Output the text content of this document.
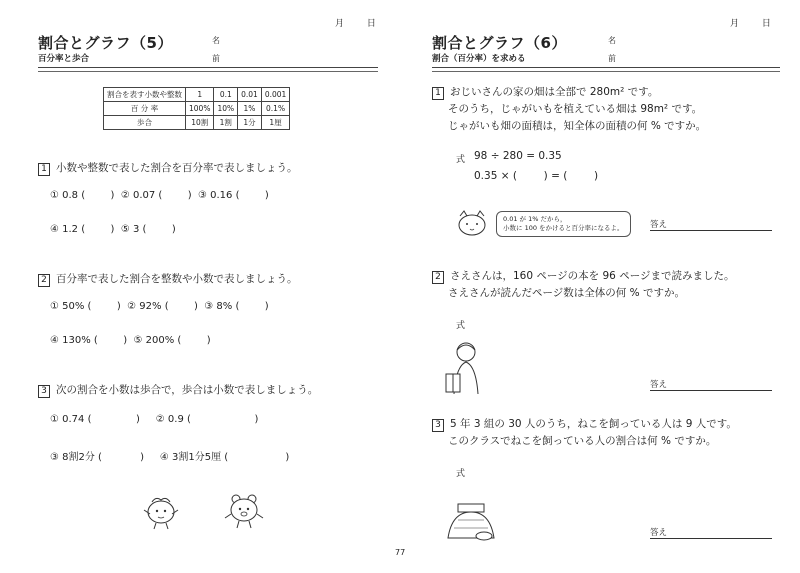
月 日
割合とグラフ（5）
百分率と歩合
名
前
割合を表す小数や整数	1	0.1	0.01	0.001
百 分 率	100%	10%	1%	0.1%
歩合	10割	1割	1分	1厘
1 小数や整数で表した割合を百分率で表しましょう。
① 0.8 (        )  ② 0.07 (        )  ③ 0.16 (        )
④ 1.2 (        )  ⑤ 3 (        )
2 百分率で表した割合を整数や小数で表しましょう。
① 50% (        )  ② 92% (        )  ③ 8% (        )
④ 130% (        )  ⑤ 200% (        )
3 次の割合を小数は歩合で，歩合は小数で表しましょう。
① 0.74 (              )     ② 0.9 (                    )
③ 8割2分 (            )     ④ 3割1分5厘 (                  )
77
月 日
割合とグラフ（6）
割合（百分率）を求める
名
前
1 おじいさんの家の畑は全部で 280m² です。
そのうち，じゃがいもを植えている畑は 98m² です。
じゃがいも畑の面積は，知全体の面積の何 % ですか。
式 98 ÷ 280 = 0.35
0.35 × (        ) = (        )
0.01 が 1% だから，
小数に 100 をかけると百分率になるよ。	答え
2 さえさんは，160 ページの本を 96 ページまで読みました。
さえさんが読んだページ数は全体の何 % ですか。
式
答え
3 5 年 3 組の 30 人のうち，ねこを飼っている人は 9 人です。
このクラスでねこを飼っている人の割合は何 % ですか。
式
答え
